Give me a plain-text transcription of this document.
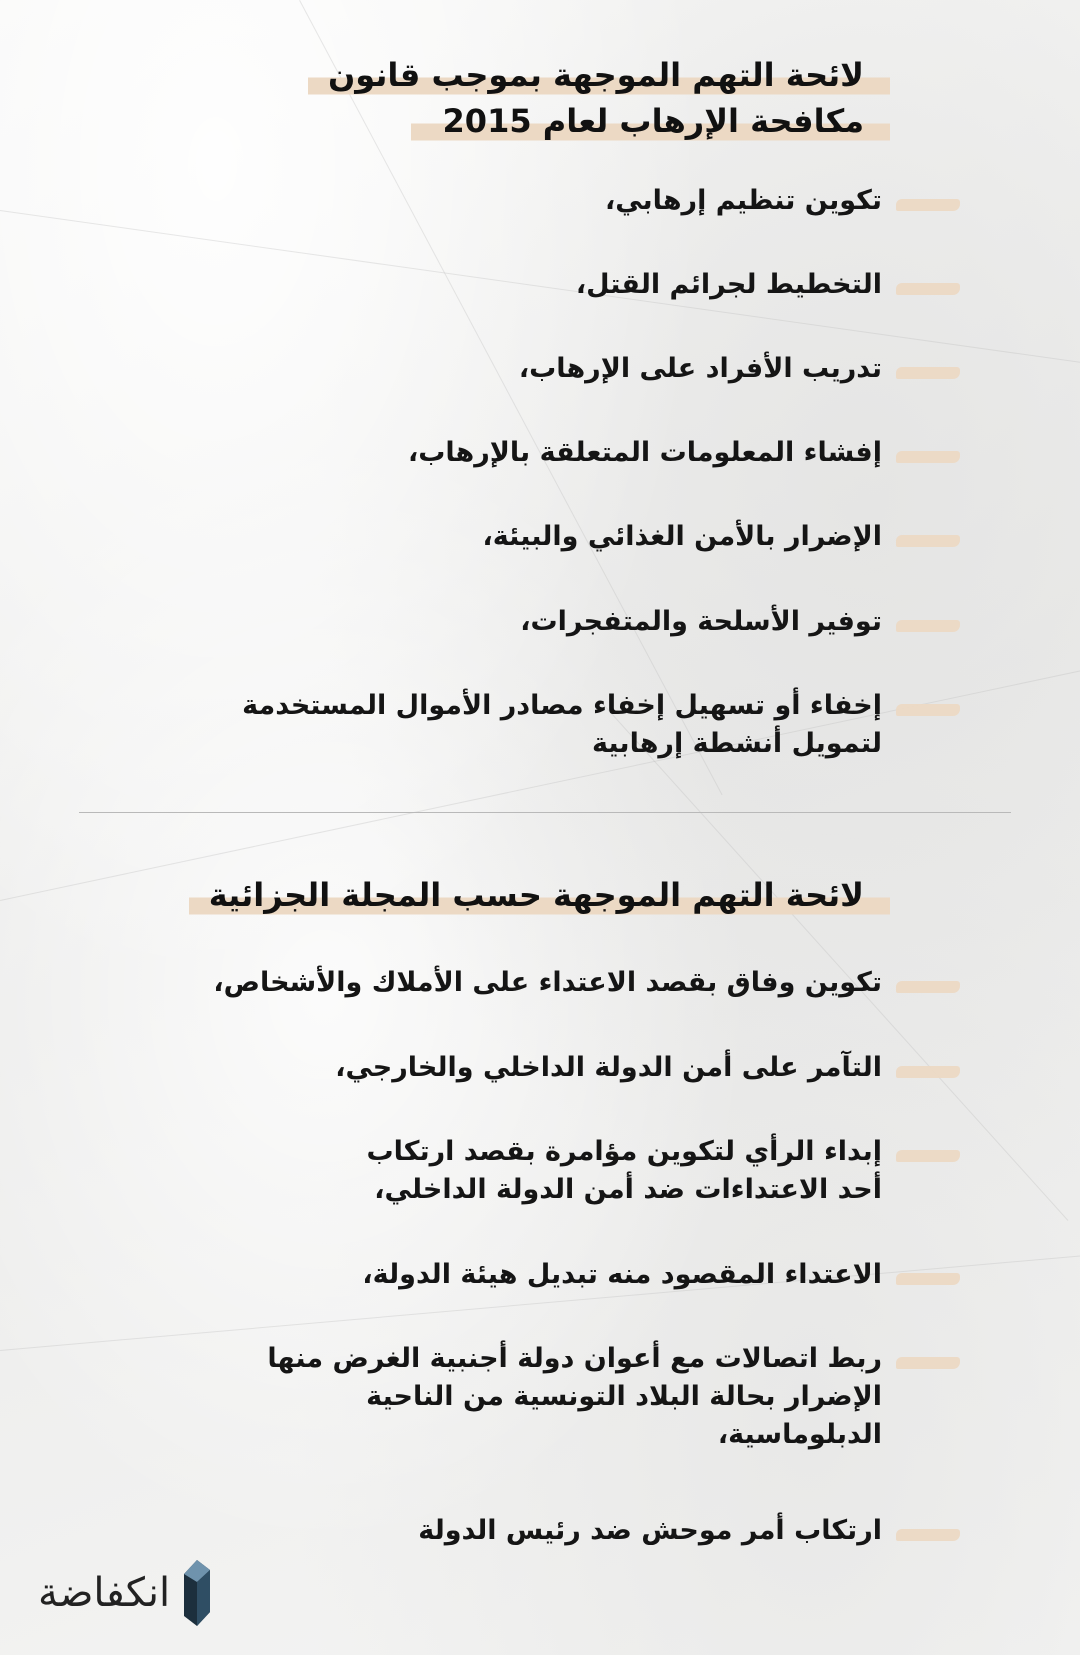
لائحة التهم الموجهة بموجب قانون
مكافحة الإرهاب لعام 2015
تكوين تنظيم إرهابي،
التخطيط لجرائم القتل،
تدريب الأفراد على الإرهاب،
إفشاء المعلومات المتعلقة بالإرهاب،
الإضرار بالأمن الغذائي والبيئة،
توفير الأسلحة والمتفجرات،
إخفاء أو تسهيل إخفاء مصادر الأموال المستخدمة لتمويل أنشطة إرهابية
لائحة التهم الموجهة حسب المجلة الجزائية
تكوين وفاق بقصد الاعتداء على الأملاك والأشخاص،
التآمر على أمن الدولة الداخلي والخارجي،
إبداء الرأي لتكوين مؤامرة بقصد ارتكاب أحد الاعتداءات ضد أمن الدولة الداخلي،
الاعتداء المقصود منه تبديل هيئة الدولة،
ربط اتصالات مع أعوان دولة أجنبية الغرض منها الإضرار بحالة البلاد التونسية من الناحية الدبلوماسية،
ارتكاب أمر موحش ضد رئيس الدولة
انكفاضة
